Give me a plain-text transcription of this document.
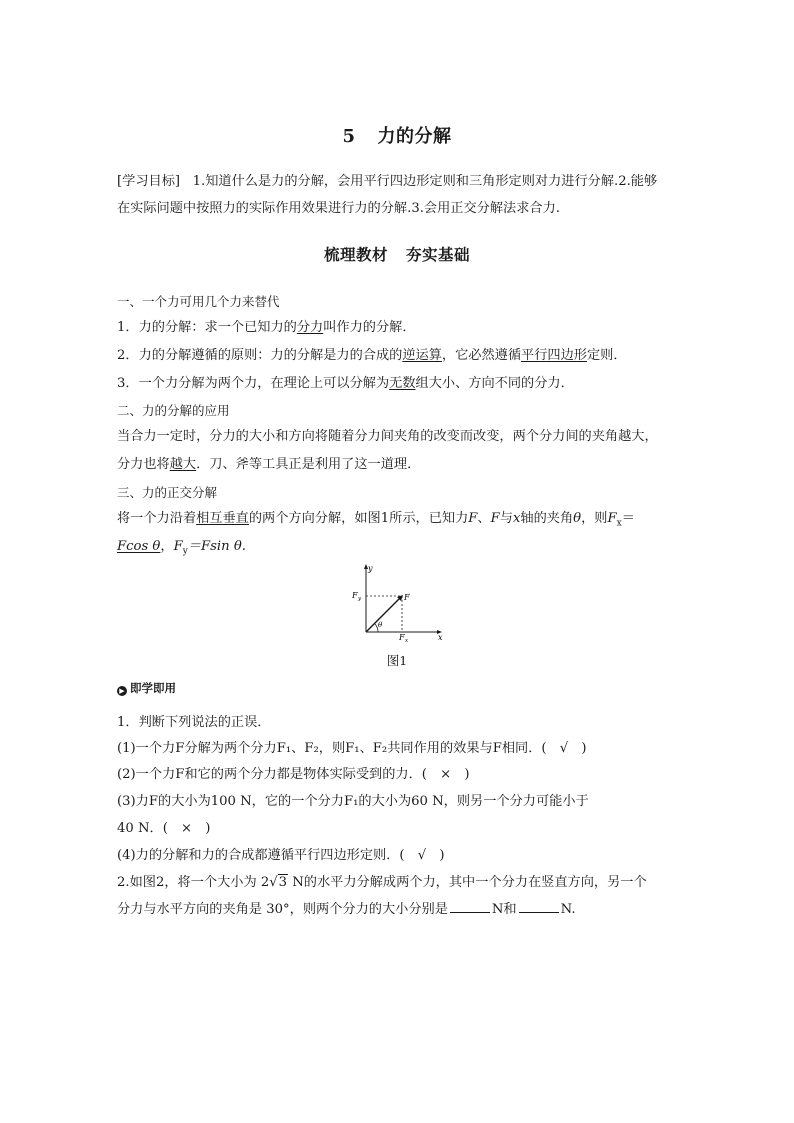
5 力的分解
[学习目标] 1.知道什么是力的分解，会用平行四边形定则和三角形定则对力进行分解.2.能够
在实际问题中按照力的实际作用效果进行力的分解.3.会用正交分解法求合力.
梳理教材 夯实基础
一、一个力可用几个力来替代
1．力的分解：求一个已知力的分力叫作力的分解．
2．力的分解遵循的原则：力的分解是力的合成的逆运算，它必然遵循平行四边形定则．
3．一个力分解为两个力，在理论上可以分解为无数组大小、方向不同的分力．
二、力的分解的应用
当合力一定时，分力的大小和方向将随着分力间夹角的改变而改变，两个分力间的夹角越大，
分力也将越大．刀、斧等工具正是利用了这一道理．
三、力的正交分解
将一个力沿着相互垂直的两个方向分解，如图1所示，已知力F、F与x轴的夹角θ，则$F_x=$
Fcos θ，$F_y=Fsin$ θ.
y
x
F y	F
F x
θ
图1
▶ 即学即用
1．判断下列说法的正误．
(1)一个力F分解为两个分力F₁、F₂，则F₁、F₂共同作用的效果与F相同．(　√　)
(2)一个力F和它的两个分力都是物体实际受到的力．(　×　)
(3)力F的大小为100 N，它的一个分力F₁的大小为60 N，则另一个分力可能小于
40 N．(　×　)
(4)力的分解和力的合成都遵循平行四边形定则．(　√　)
2.如图2，将一个大小为 2√3 N的水平力分解成两个力，其中一个分力在竖直方向，另一个
分力与水平方向的夹角是 30°，则两个分力的大小分别是	N和	N.
